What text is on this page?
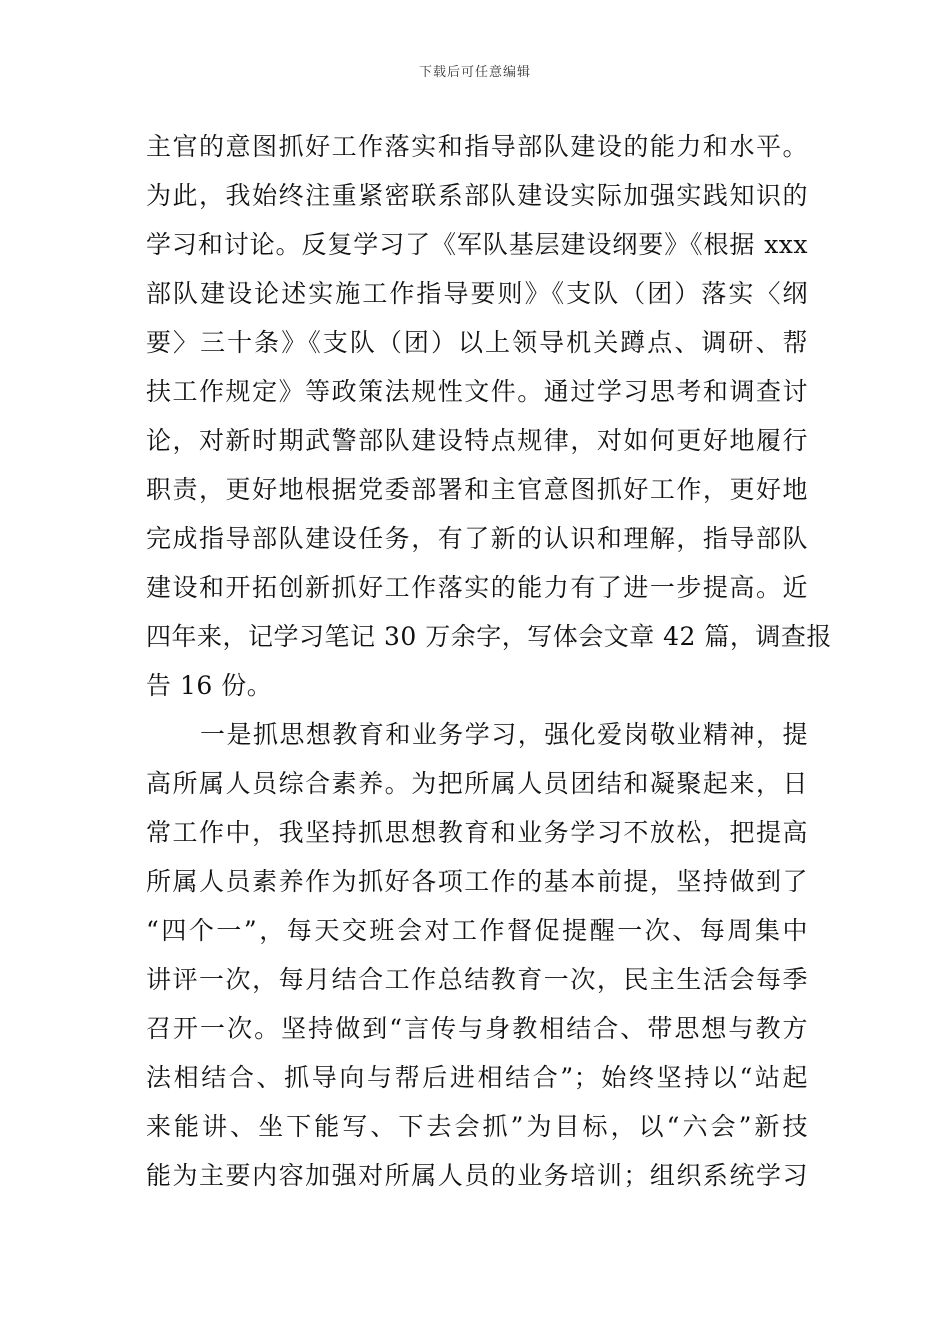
下载后可任意编辑
主官的意图抓好工作落实和指导部队建设的能力和水平。
为此，我始终注重紧密联系部队建设实际加强实践知识的
学习和讨论。反复学习了《军队基层建设纲要》《根据 xxx
部队建设论述实施工作指导要则》《支队（团）落实〈纲
要〉三十条》《支队（团）以上领导机关蹲点、调研、帮
扶工作规定》等政策法规性文件。通过学习思考和调查讨
论，对新时期武警部队建设特点规律，对如何更好地履行
职责，更好地根据党委部署和主官意图抓好工作，更好地
完成指导部队建设任务，有了新的认识和理解，指导部队
建设和开拓创新抓好工作落实的能力有了进一步提高。近
四年来，记学习笔记 30 万余字，写体会文章 42 篇，调查报
告 16 份。
一是抓思想教育和业务学习，强化爱岗敬业精神，提
高所属人员综合素养。为把所属人员团结和凝聚起来，日
常工作中，我坚持抓思想教育和业务学习不放松，把提高
所属人员素养作为抓好各项工作的基本前提，坚持做到了
“四个一”，每天交班会对工作督促提醒一次、每周集中
讲评一次，每月结合工作总结教育一次，民主生活会每季
召开一次。坚持做到“言传与身教相结合、带思想与教方
法相结合、抓导向与帮后进相结合”；始终坚持以“站起
来能讲、坐下能写、下去会抓”为目标，以“六会”新技
能为主要内容加强对所属人员的业务培训；组织系统学习
